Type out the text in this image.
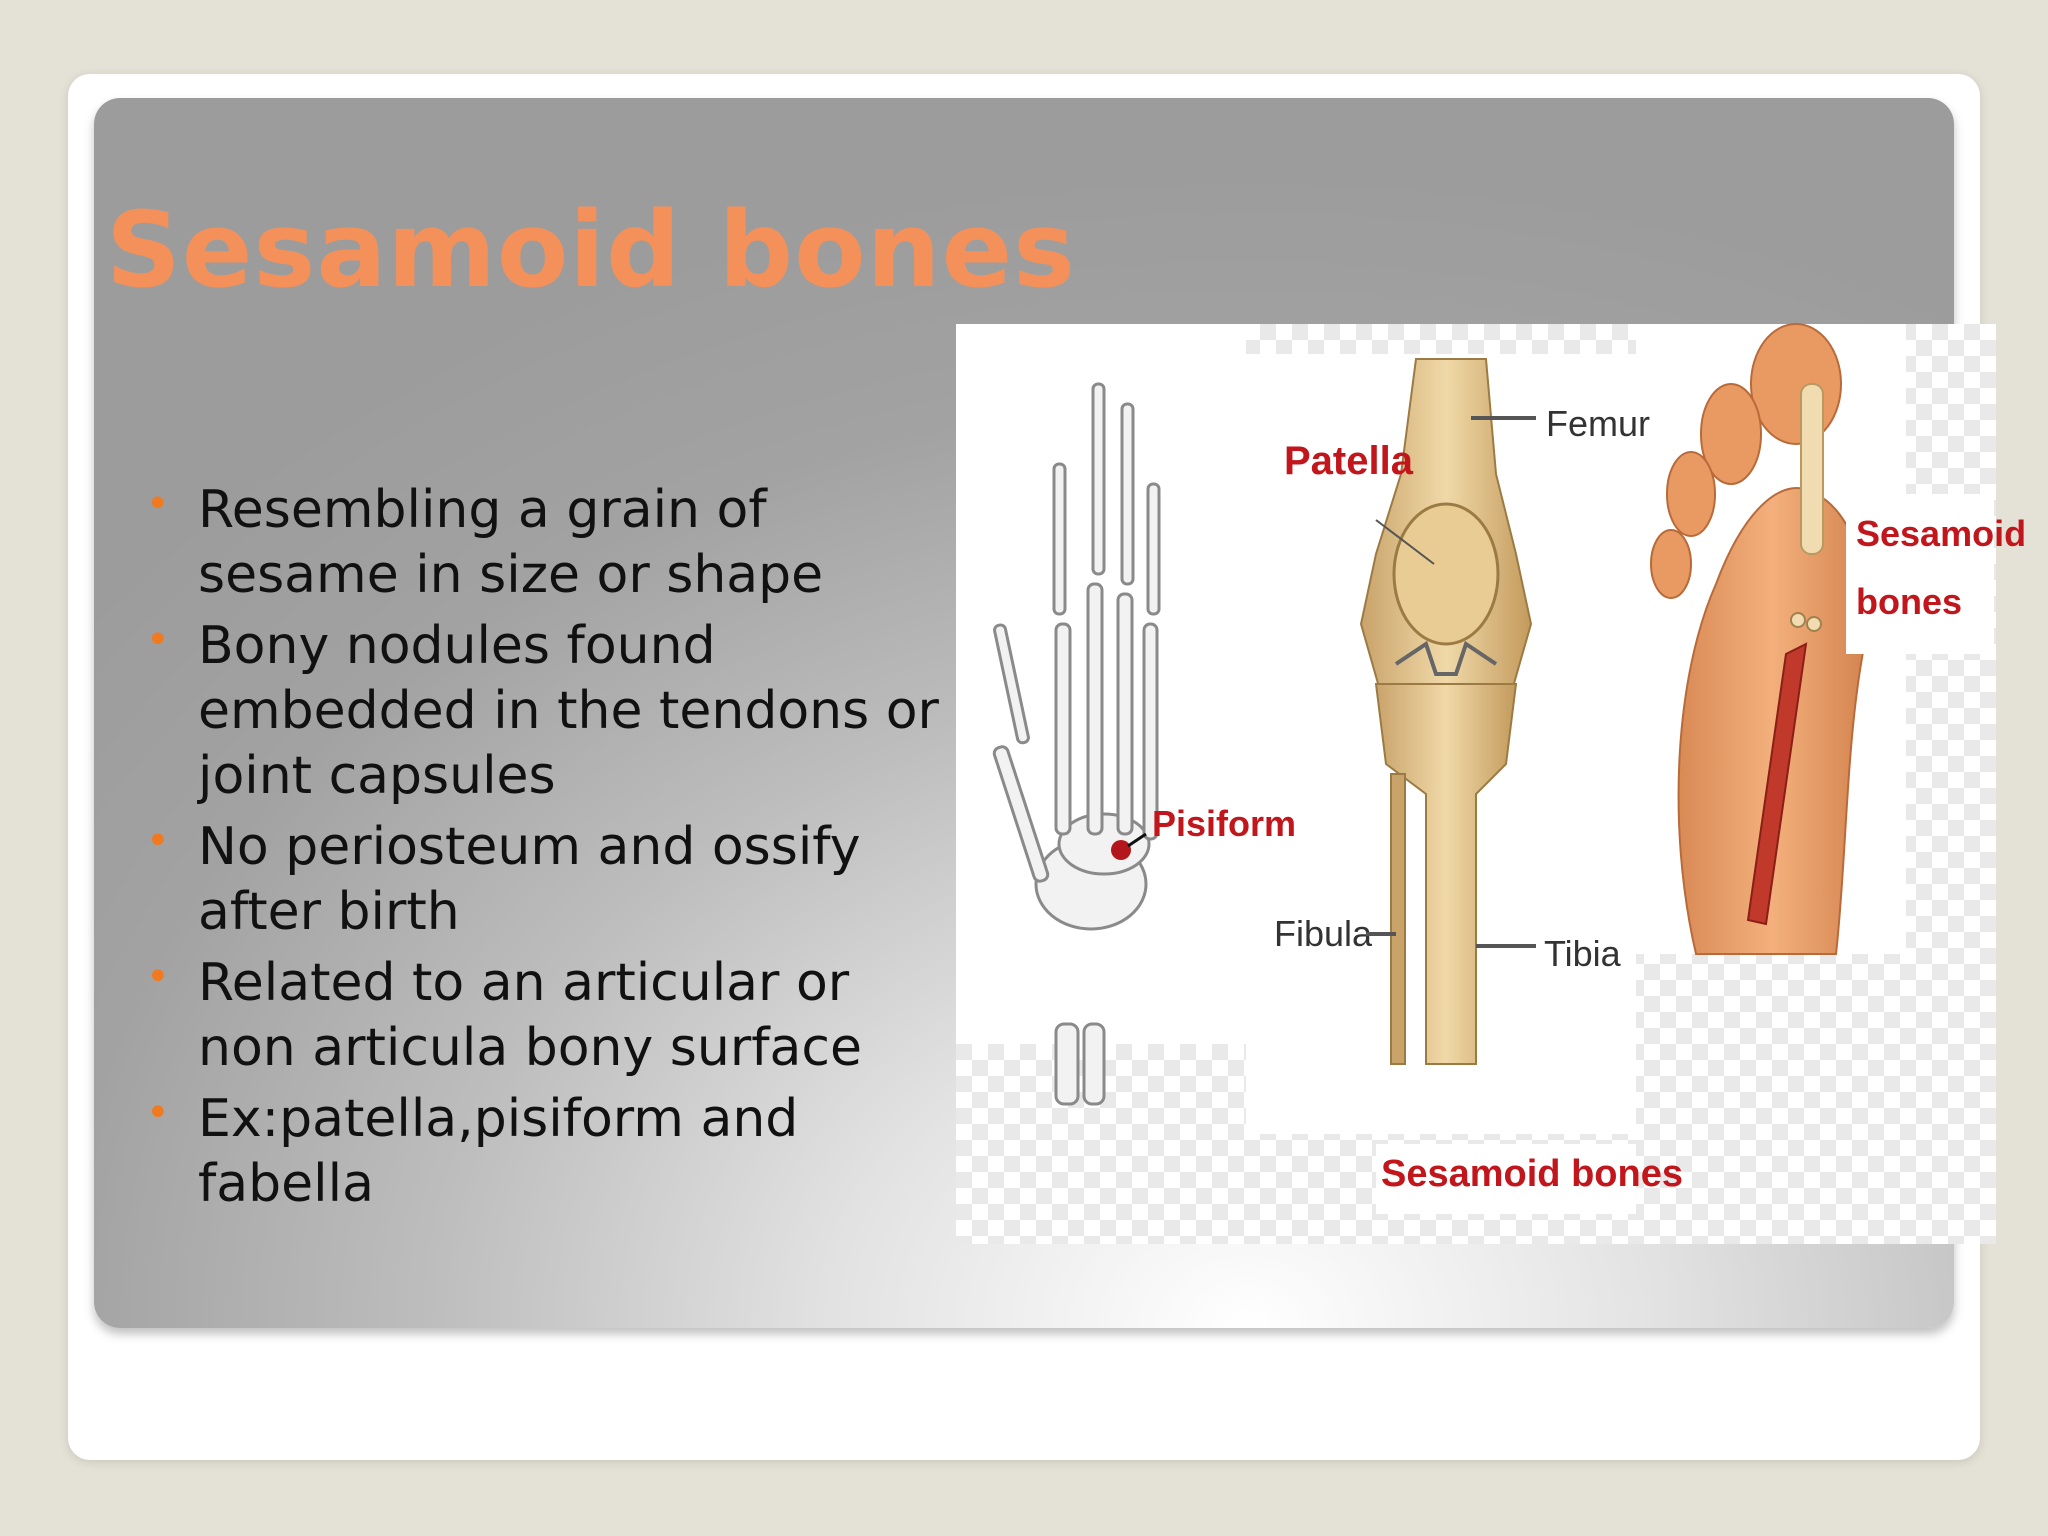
Sesamoid bones
• Resembling a grain of sesame in size or shape
• Bony nodules found embedded in the tendons or joint capsules
• No periosteum and ossify after birth
• Related to an articular or non articula bony surface
• Ex:patella,pisiform and fabella
Pisiform
Patella
Femur
Fibula	Tibia
Sesamoid
bones
Sesamoid bones
